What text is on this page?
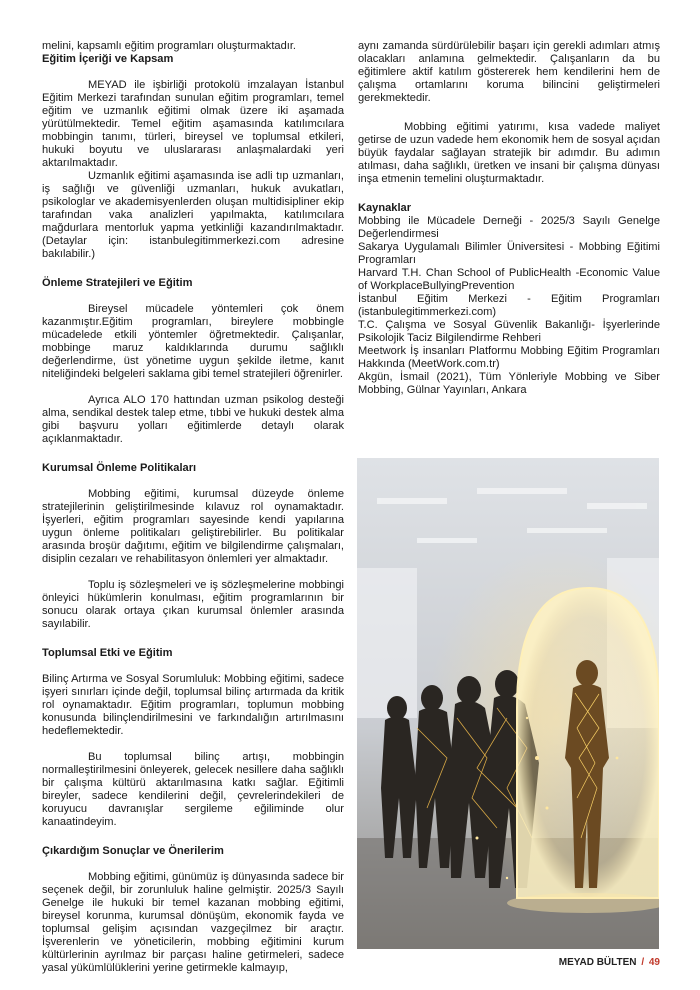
melini, kapsamlı eğitim programları oluşturmaktadır.

Eğitim İçeriği ve Kapsam

MEYAD ile işbirliği protokolü imzalayan İstanbul Eğitim Merkezi tarafından sunulan eğitim programları, temel eğitim ve uzmanlık eğitimi olmak üzere iki aşamada yürütülmektedir. Temel eğitim aşamasında katılımcılara mobbingin tanımı, türleri, bireysel ve toplumsal etkileri, hukuki boyutu ve uluslararası anlaşmalardaki yeri aktarılmaktadır.

Uzmanlık eğitimi aşamasında ise adli tıp uzmanları, iş sağlığı ve güvenliği uzmanları, hukuk avukatları, psikologlar ve akademisyenlerden oluşan multidisipliner ekip tarafından vaka analizleri yapılmakta, katılımcılara mağdurlara mentorluk yapma yetkinliği kazandırılmaktadır. (Detaylar için: istanbulegitimmerkezi.com adresine bakılabilir.)

Önleme Stratejileri ve Eğitim

Bireysel mücadele yöntemleri çok önem kazanmıştır.Eğitim programları, bireylere mobbingle mücadelede etkili yöntemler öğretmektedir. Çalışanlar, mobbinge maruz kaldıklarında durumu sağlıklı değerlendirme, üst yönetime uygun şekilde iletme, kanıt niteliğindeki belgeleri saklama gibi temel stratejileri öğrenirler.

Ayrıca ALO 170 hattından uzman psikolog desteği alma, sendikal destek talep etme, tıbbi ve hukuki destek alma gibi başvuru yolları eğitimlerde detaylı olarak açıklanmaktadır.

Kurumsal Önleme Politikaları

Mobbing eğitimi, kurumsal düzeyde önleme stratejilerinin geliştirilmesinde kılavuz rol oynamaktadır. İşyerleri, eğitim programları sayesinde kendi yapılarına uygun önleme politikaları geliştirebilirler. Bu politikalar arasında broşür dağıtımı, eğitim ve bilgilendirme çalışmaları, disiplin cezaları ve rehabilitasyon önlemleri yer almaktadır.

Toplu iş sözleşmeleri ve iş sözleşmelerine mobbingi önleyici hükümlerin konulması, eğitim programlarının bir sonucu olarak ortaya çıkan kurumsal önlemler arasında sayılabilir.

Toplumsal Etki ve Eğitim

Bilinç Artırma ve Sosyal Sorumluluk: Mobbing eğitimi, sadece işyeri sınırları içinde değil, toplumsal bilinç artırmada da kritik rol oynamaktadır. Eğitim programları, toplumun mobbing konusunda bilinçlendirilmesini ve farkındalığın artırılmasını hedeflemektedir.

Bu toplumsal bilinç artışı, mobbingin normalleştirilmesini önleyerek, gelecek nesillere daha sağlıklı bir çalışma kültürü aktarılmasına katkı sağlar. Eğitimli bireyler, sadece kendilerini değil, çevrelerindekileri de koruyucu davranışlar sergileme eğiliminde olur kanaatindeyim.

Çıkardığım Sonuçlar ve Önerilerim

Mobbing eğitimi, günümüz iş dünyasında sadece bir seçenek değil, bir zorunluluk haline gelmiştir. 2025/3 Sayılı Genelge ile hukuki bir temel kazanan mobbing eğitimi, bireysel korunma, kurumsal dönüşüm, ekonomik fayda ve toplumsal gelişim açısından vazgeçilmez bir araçtır. İşverenlerin ve yöneticilerin, mobbing eğitimini kurum kültürlerinin ayrılmaz bir parçası haline getirmeleri, sadece yasal yükümlülüklerini yerine getirmekle kalmayıp,

aynı zamanda sürdürülebilir başarı için gerekli adımları atmış olacakları anlamına gelmektedir. Çalışanların da bu eğitimlere aktif katılım göstererek hem kendilerini hem de çalışma ortamlarını koruma bilincini geliştirmeleri gerekmektedir.

Mobbing eğitimi yatırımı, kısa vadede maliyet getirse de uzun vadede hem ekonomik hem de sosyal açıdan büyük faydalar sağlayan stratejik bir adımdır. Bu adımın atılması, daha sağlıklı, üretken ve insani bir çalışma dünyası inşa etmenin temelini oluşturmaktadır.

Kaynaklar

Mobbing ile Mücadele Derneği - 2025/3 Sayılı Genelge Değerlendirmesi

Sakarya Uygulamalı Bilimler Üniversitesi - Mobbing Eğitimi Programları

Harvard T.H. Chan School of PublicHealth -Economic Value of WorkplaceBullyingPrevention

İstanbul Eğitim Merkezi - Eğitim Programları (istanbulegitimmerkezi.com)

T.C. Çalışma ve Sosyal Güvenlik Bakanlığı- İşyerlerinde Psikolojik Taciz Bilgilendirme Rehberi

Meetwork İş insanları Platformu Mobbing Eğitim Programları Hakkında (MeetWork.com.tr)

Akgün, İsmail (2021), Tüm Yönleriyle Mobbing ve Siber Mobbing, Gülnar Yayınları, Ankara

MEYAD BÜLTEN / 49
